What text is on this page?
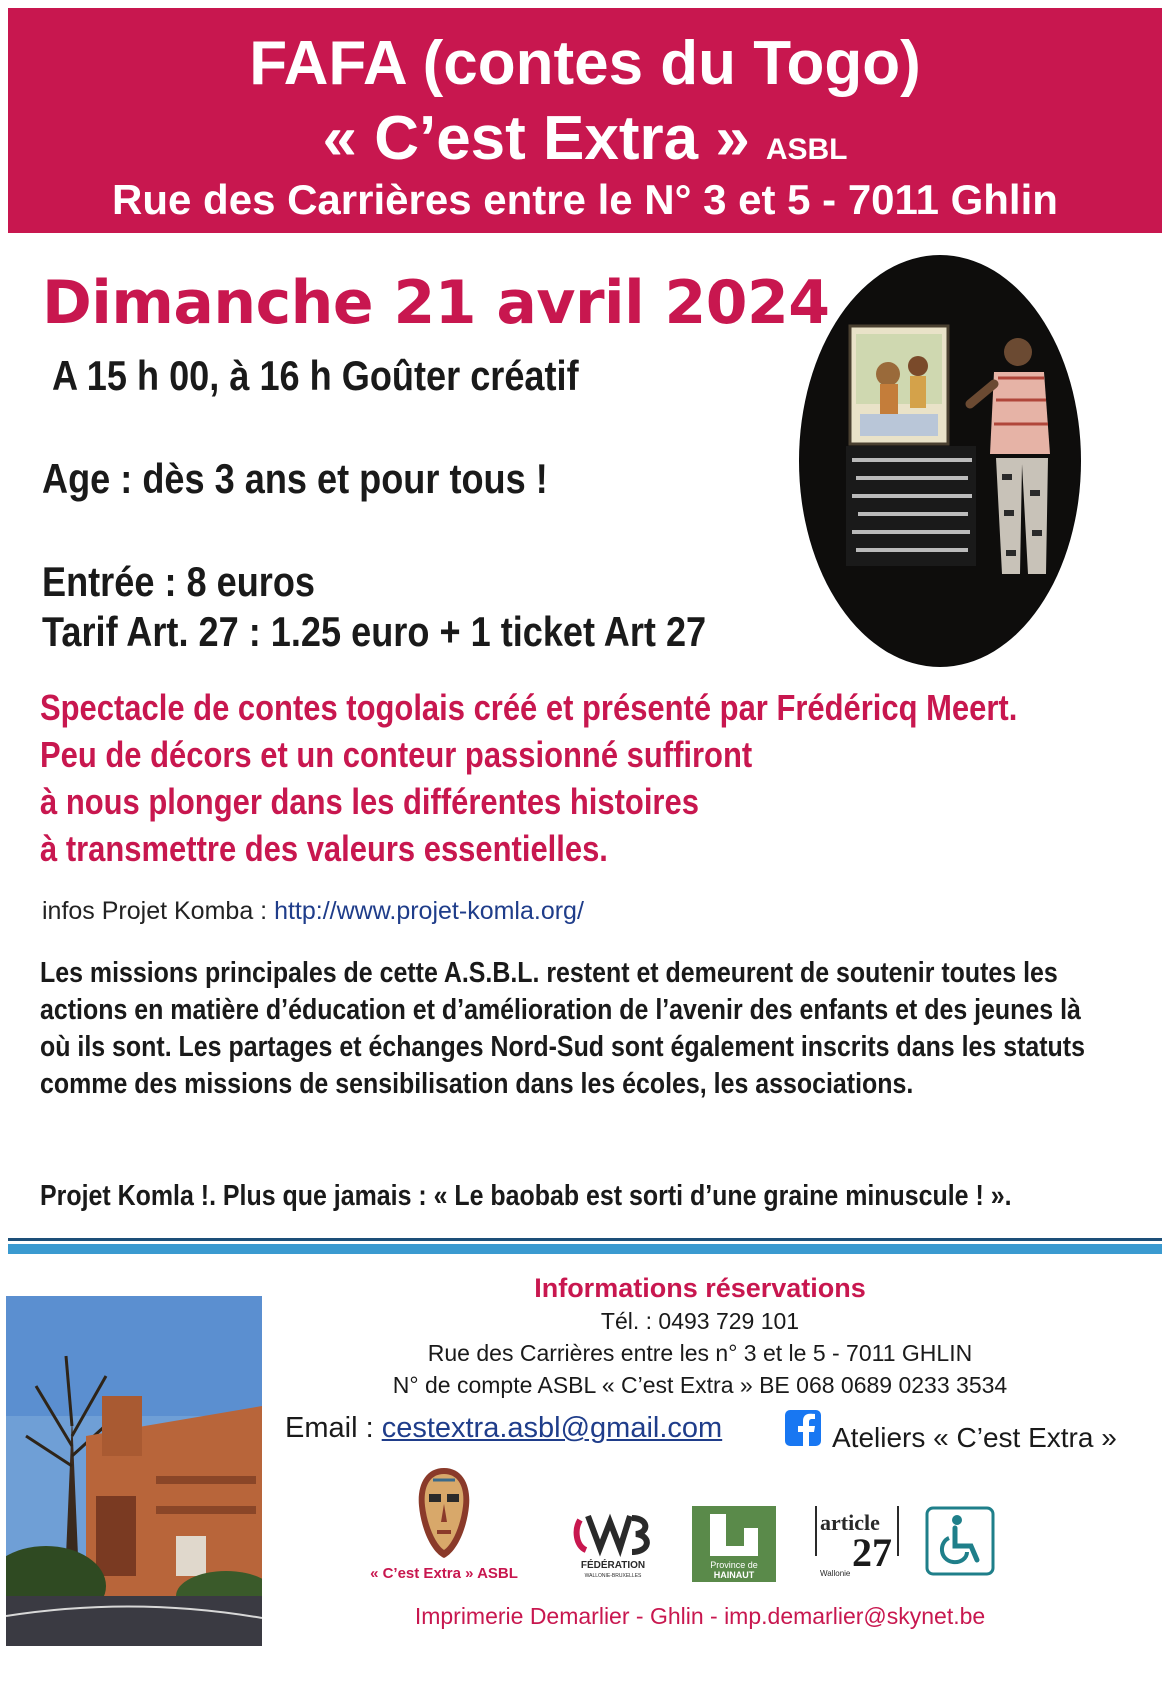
FAFA (contes du Togo)
« C’est Extra » ASBL
Rue des Carrières entre le N° 3 et 5 - 7011 Ghlin
Dimanche 21 avril 2024
A 15 h 00, à 16 h Goûter créatif
Age : dès 3 ans et pour tous !
Entrée : 8 euros
Tarif Art. 27 : 1.25 euro + 1 ticket Art 27
Spectacle de contes togolais créé et présenté par Frédéricq Meert.
Peu de décors et un conteur passionné suffiront
à nous plonger dans les différentes histoires
à transmettre des valeurs essentielles.
infos Projet Komba : http://www.projet-komla.org/
Les missions principales de cette A.S.B.L. restent et demeurent de soutenir toutes les actions en matière d’éducation et d’amélioration de l’avenir des enfants et des jeunes là où ils sont. Les partages et échanges Nord-Sud sont également inscrits dans les statuts comme des missions de sensibilisation dans les écoles, les associations.
Projet Komla !. Plus que jamais : « Le baobab est sorti d’une graine minuscule ! ».
Informations réservations
Tél. : 0493 729 101
Rue des Carrières entre les n° 3 et le 5 - 7011 GHLIN
N° de compte ASBL « C’est Extra » BE 068 0689 0233 3534
Email : cestextra.asbl@gmail.com	Ateliers « C’est Extra »
« C’est Extra » ASBL	FÉDÉRATION
WALLONIE-BRUXELLES
Province de
HAINAUT
article
27
Wallonie
Imprimerie Demarlier - Ghlin - imp.demarlier@skynet.be
